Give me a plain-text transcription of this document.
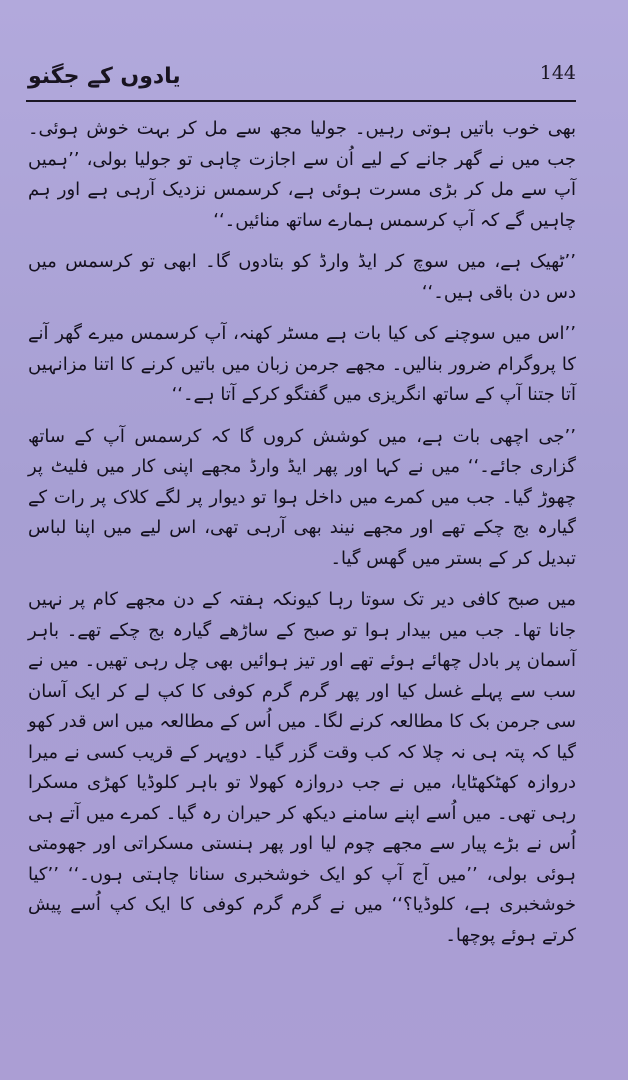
یادوں کے جگنو	144

بھی خوب باتیں ہوتی رہیں۔ جولیا مجھ سے مل کر بہت خوش ہوئی۔ جب میں نے گھر جانے کے لیے اُن سے اجازت چاہی تو جولیا بولی، ’’ہمیں آپ سے مل کر بڑی مسرت ہوئی ہے، کرسمس نزدیک آرہی ہے اور ہم چاہیں گے کہ آپ کرسمس ہمارے ساتھ منائیں۔‘‘

’’ٹھیک ہے، میں سوچ کر ایڈ وارڈ کو بتادوں گا۔ ابھی تو کرسمس میں دس دن باقی ہیں۔‘‘

’’اس میں سوچنے کی کیا بات ہے مسٹر کھنہ، آپ کرسمس میرے گھر آنے کا پروگرام ضرور بنالیں۔ مجھے جرمن زبان میں باتیں کرنے کا اتنا مزانہیں آتا جتنا آپ کے ساتھ انگریزی میں گفتگو کرکے آتا ہے۔‘‘

’’جی اچھی بات ہے، میں کوشش کروں گا کہ کرسمس آپ کے ساتھ گزاری جائے۔‘‘ میں نے کہا اور پھر ایڈ وارڈ مجھے اپنی کار میں فلیٹ پر چھوڑ گیا۔ جب میں کمرے میں داخل ہوا تو دیوار پر لگے کلاک پر رات کے گیارہ بج چکے تھے اور مجھے نیند بھی آرہی تھی، اس لیے میں اپنا لباس تبدیل کر کے بستر میں گھس گیا۔

میں صبح کافی دیر تک سوتا رہا کیونکہ ہفتہ کے دن مجھے کام پر نہیں جانا تھا۔ جب میں بیدار ہوا تو صبح کے ساڑھے گیارہ بج چکے تھے۔ باہر آسمان پر بادل چھائے ہوئے تھے اور تیز ہوائیں بھی چل رہی تھیں۔ میں نے سب سے پہلے غسل کیا اور پھر گرم گرم کوفی کا کپ لے کر ایک آسان سی جرمن بک کا مطالعہ کرنے لگا۔ میں اُس کے مطالعہ میں اس قدر کھو گیا کہ پتہ ہی نہ چلا کہ کب وقت گزر گیا۔ دوپہر کے قریب کسی نے میرا دروازہ کھٹکھٹایا، میں نے جب دروازہ کھولا تو باہر کلوڈیا کھڑی مسکرا رہی تھی۔ میں اُسے اپنے سامنے دیکھ کر حیران رہ گیا۔ کمرے میں آتے ہی اُس نے بڑے پیار سے مجھے چوم لیا اور پھر ہنستی مسکراتی اور جھومتی ہوئی بولی، ’’میں آج آپ کو ایک خوشخبری سنانا چاہتی ہوں۔‘‘ ’’کیا خوشخبری ہے، کلوڈیا؟‘‘ میں نے گرم گرم کوفی کا ایک کپ اُسے پیش کرتے ہوئے پوچھا۔
